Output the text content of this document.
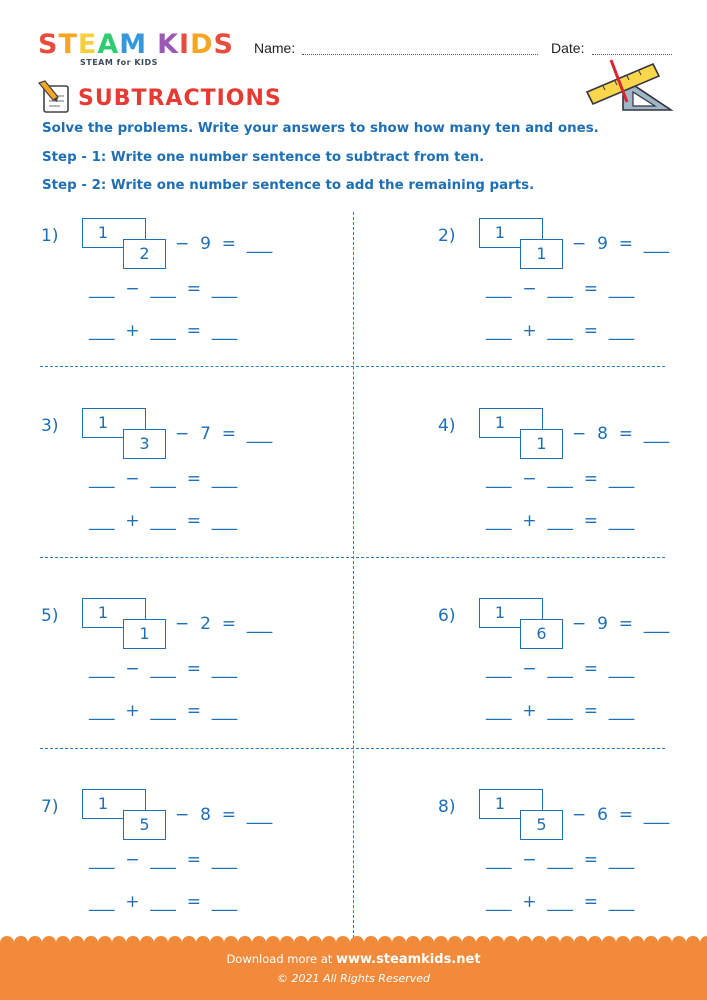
STEAM KIDS
STEAM for KIDS
Name:	Date:
SUBTRACTIONS
Solve the problems. Write your answers to show how many ten and ones.
Step - 1: Write one number sentence to subtract from ten.
Step - 2: Write one number sentence to add the remaining parts.
1)	1
2	− 9 = ___
___ − ___ = ___
___ + ___ = ___
2)	1
1	− 9 = ___
___ − ___ = ___
___ + ___ = ___
3)	1
3	− 7 = ___
___ − ___ = ___
___ + ___ = ___
4)	1
1	− 8 = ___
___ − ___ = ___
___ + ___ = ___
5)	1
1	− 2 = ___
___ − ___ = ___
___ + ___ = ___
6)	1
6	− 9 = ___
___ − ___ = ___
___ + ___ = ___
7)	1
5	− 8 = ___
___ − ___ = ___
___ + ___ = ___
8)	1
5	− 6 = ___
___ − ___ = ___
___ + ___ = ___
Download more at www.steamkids.net
© 2021 All Rights Reserved
